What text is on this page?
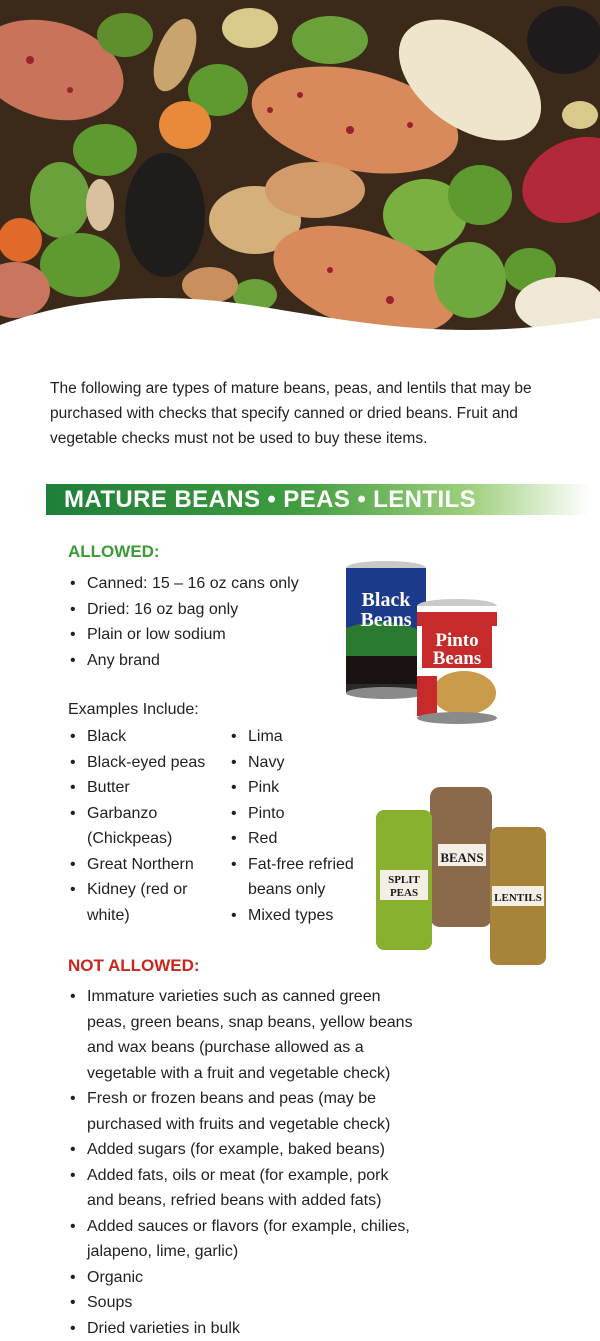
The following are types of mature beans, peas, and lentils that may be purchased with checks that specify canned or dried beans. Fruit and vegetable checks must not be used to buy these items.

MATURE BEANS • PEAS • LENTILS
ALLOWED:
• Canned: 15 – 16 oz cans only
• Dried: 16 oz bag only
• Plain or low sodium
• Any brand

Examples Include:

• Black
• Black-eyed peas
• Butter
• Garbanzo (Chickpeas)
• Great Northern
• Kidney (red or white)
• Lima
• Navy
• Pink
• Pinto
• Red
• Fat-free refried beans only
• Mixed types
Black
Beans
Pinto
Beans
BEANS
SPLIT
PEAS	LENTILS
NOT ALLOWED:
• Immature varieties such as canned green peas, green beans, snap beans, yellow beans and wax beans (purchase allowed as a vegetable with a fruit and vegetable check)
• Fresh or frozen beans and peas (may be purchased with fruits and vegetable check)
• Added sugars (for example, baked beans)
• Added fats, oils or meat (for example, pork and beans, refried beans with added fats)
• Added sauces or flavors (for example, chilies, jalapeno, lime, garlic)
• Organic
• Soups
• Dried varieties in bulk
